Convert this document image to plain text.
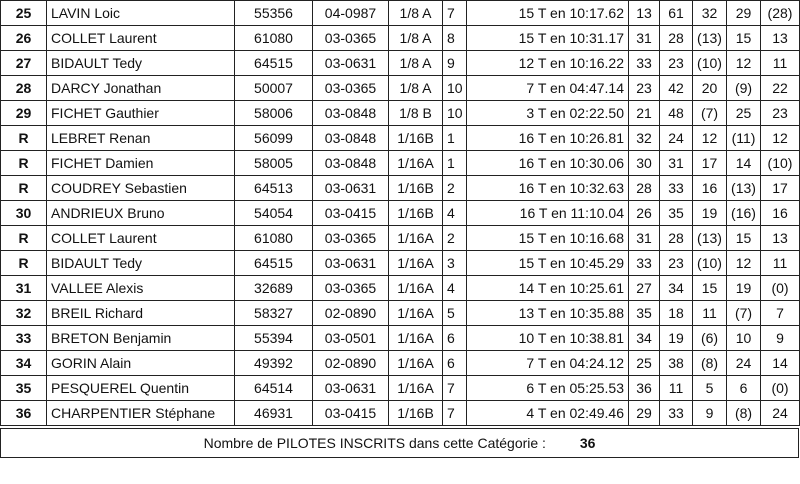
25	LAVIN Loic	55356	04-0987	1/8 A	7	15 T en 10:17.62	13	61	32	29	(28)
26	COLLET Laurent	61080	03-0365	1/8 A	8	15 T en 10:31.17	31	28	(13)	15	13
27	BIDAULT Tedy	64515	03-0631	1/8 A	9	12 T en 10:16.22	33	23	(10)	12	11
28	DARCY Jonathan	50007	03-0365	1/8 A	10	7 T en 04:47.14	23	42	20	(9)	22
29	FICHET Gauthier	58006	03-0848	1/8 B	10	3 T en 02:22.50	21	48	(7)	25	23
R	LEBRET Renan	56099	03-0848	1/16B	1	16 T en 10:26.81	32	24	12	(11)	12
R	FICHET Damien	58005	03-0848	1/16A	1	16 T en 10:30.06	30	31	17	14	(10)
R	COUDREY Sebastien	64513	03-0631	1/16B	2	16 T en 10:32.63	28	33	16	(13)	17
30	ANDRIEUX Bruno	54054	03-0415	1/16B	4	16 T en 11:10.04	26	35	19	(16)	16
R	COLLET Laurent	61080	03-0365	1/16A	2	15 T en 10:16.68	31	28	(13)	15	13
R	BIDAULT Tedy	64515	03-0631	1/16A	3	15 T en 10:45.29	33	23	(10)	12	11
31	VALLEE Alexis	32689	03-0365	1/16A	4	14 T en 10:25.61	27	34	15	19	(0)
32	BREIL Richard	58327	02-0890	1/16A	5	13 T en 10:35.88	35	18	11	(7)	7
33	BRETON Benjamin	55394	03-0501	1/16A	6	10 T en 10:38.81	34	19	(6)	10	9
34	GORIN Alain	49392	02-0890	1/16A	6	7 T en 04:24.12	25	38	(8)	24	14
35	PESQUEREL Quentin	64514	03-0631	1/16A	7	6 T en 05:25.53	36	11	5	6	(0)
36	CHARPENTIER Stéphane	46931	03-0415	1/16B	7	4 T en 02:49.46	29	33	9	(8)	24
Nombre de PILOTES INSCRITS dans cette Catégorie : 36
